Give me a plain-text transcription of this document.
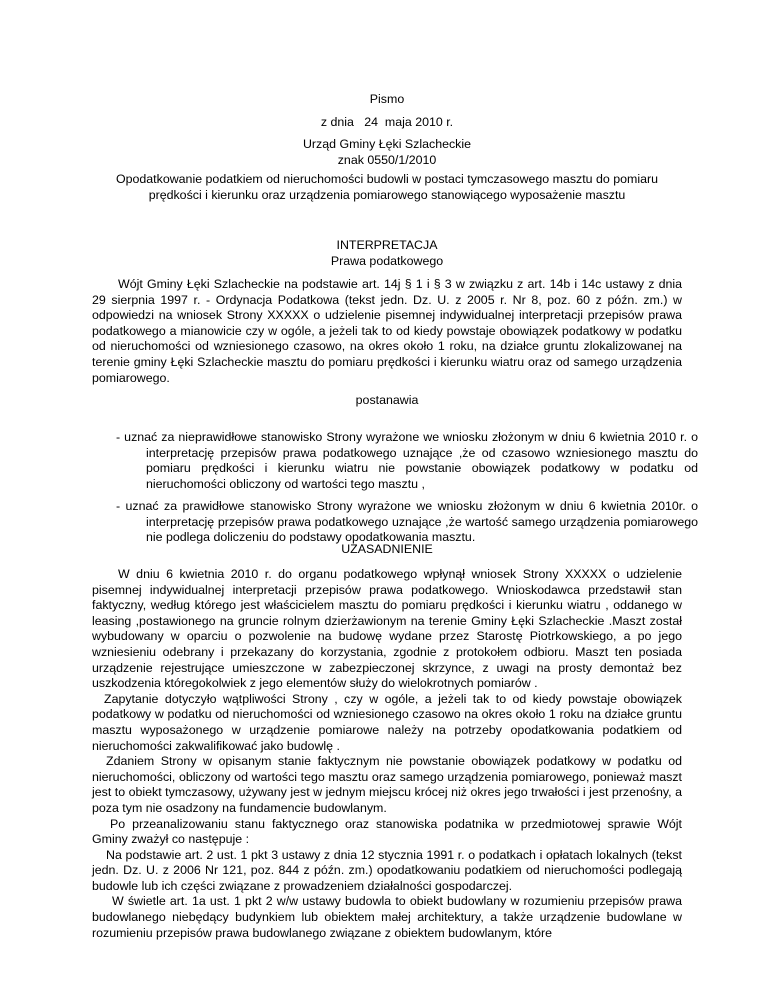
Pismo

z dnia   24  maja 2010 r.

Urząd Gminy Łęki Szlacheckie

znak 0550/1/2010

Opodatkowanie podatkiem od nieruchomości budowli w postaci tymczasowego masztu do pomiaru prędkości i kierunku oraz urządzenia pomiarowego stanowiącego wyposażenie masztu

INTERPRETACJA

Prawa podatkowego

Wójt Gminy Łęki Szlacheckie na podstawie art. 14j § 1 i § 3 w związku z art. 14b i 14c ustawy z dnia 29 sierpnia 1997 r. - Ordynacja Podatkowa (tekst jedn. Dz. U. z 2005 r. Nr 8, poz. 60 z późn. zm.) w odpowiedzi na wniosek Strony XXXXX o udzielenie pisemnej indywidualnej interpretacji przepisów prawa podatkowego a mianowicie czy w ogóle, a jeżeli tak to od kiedy powstaje obowiązek podatkowy w podatku od nieruchomości od wzniesionego czasowo, na okres około 1 roku, na działce gruntu zlokalizowanej na terenie gminy Łęki Szlacheckie masztu do pomiaru prędkości i kierunku wiatru oraz od samego urządzenia pomiarowego.

postanawia

- uznać za nieprawidłowe stanowisko Strony wyrażone we wniosku złożonym w dniu 6 kwietnia 2010 r. o interpretację przepisów prawa podatkowego uznające ,że od czasowo wzniesionego masztu do pomiaru prędkości i kierunku wiatru nie powstanie obowiązek podatkowy w podatku od nieruchomości obliczony od wartości tego masztu ,

- uznać za prawidłowe stanowisko Strony wyrażone we wniosku złożonym w dniu 6 kwietnia 2010r. o interpretację przepisów prawa podatkowego uznające ,że wartość samego urządzenia pomiarowego nie podlega doliczeniu do podstawy opodatkowania masztu.

UZASADNIENIE

W dniu 6 kwietnia 2010 r. do organu podatkowego wpłynął wniosek Strony XXXXX o udzielenie pisemnej indywidualnej interpretacji przepisów prawa podatkowego. Wnioskodawca przedstawił stan faktyczny, według którego jest właścicielem masztu do pomiaru prędkości i kierunku wiatru , oddanego w leasing ,postawionego na gruncie rolnym dzierżawionym na terenie Gminy Łęki Szlacheckie .Maszt został wybudowany w oparciu o pozwolenie na budowę wydane przez Starostę Piotrkowskiego, a po jego wzniesieniu odebrany i przekazany do korzystania, zgodnie z protokołem odbioru. Maszt ten posiada urządzenie rejestrujące umieszczone w zabezpieczonej skrzynce, z uwagi na prosty demontaż bez uszkodzenia któregokolwiek z jego elementów służy do wielokrotnych pomiarów .

Zapytanie dotyczyło wątpliwości Strony , czy w ogóle, a jeżeli tak to od kiedy powstaje obowiązek podatkowy w podatku od nieruchomości od wzniesionego czasowo na okres około 1 roku na działce gruntu masztu wyposażonego w urządzenie pomiarowe należy na potrzeby opodatkowania podatkiem od nieruchomości zakwalifikować jako budowlę .

Zdaniem Strony w opisanym stanie faktycznym nie powstanie obowiązek podatkowy w podatku od nieruchomości, obliczony od wartości tego masztu oraz samego urządzenia pomiarowego, ponieważ maszt jest to obiekt tymczasowy, używany jest w jednym miejscu krócej niż okres jego trwałości i jest przenośny, a poza tym nie osadzony na fundamencie budowlanym.

Po przeanalizowaniu stanu faktycznego oraz stanowiska podatnika w przedmiotowej sprawie Wójt Gminy zważył co następuje :

Na podstawie art. 2 ust. 1 pkt 3 ustawy z dnia 12 stycznia 1991 r. o podatkach i opłatach lokalnych (tekst jedn. Dz. U. z 2006 Nr 121, poz. 844 z późn. zm.) opodatkowaniu podatkiem od nieruchomości podlegają budowle lub ich części związane z prowadzeniem działalności gospodarczej.

W świetle art. 1a ust. 1 pkt 2 w/w ustawy budowla to obiekt budowlany w rozumieniu przepisów prawa budowlanego niebędący budynkiem lub obiektem małej architektury, a także urządzenie budowlane w rozumieniu przepisów prawa budowlanego związane z obiektem budowlanym, które
